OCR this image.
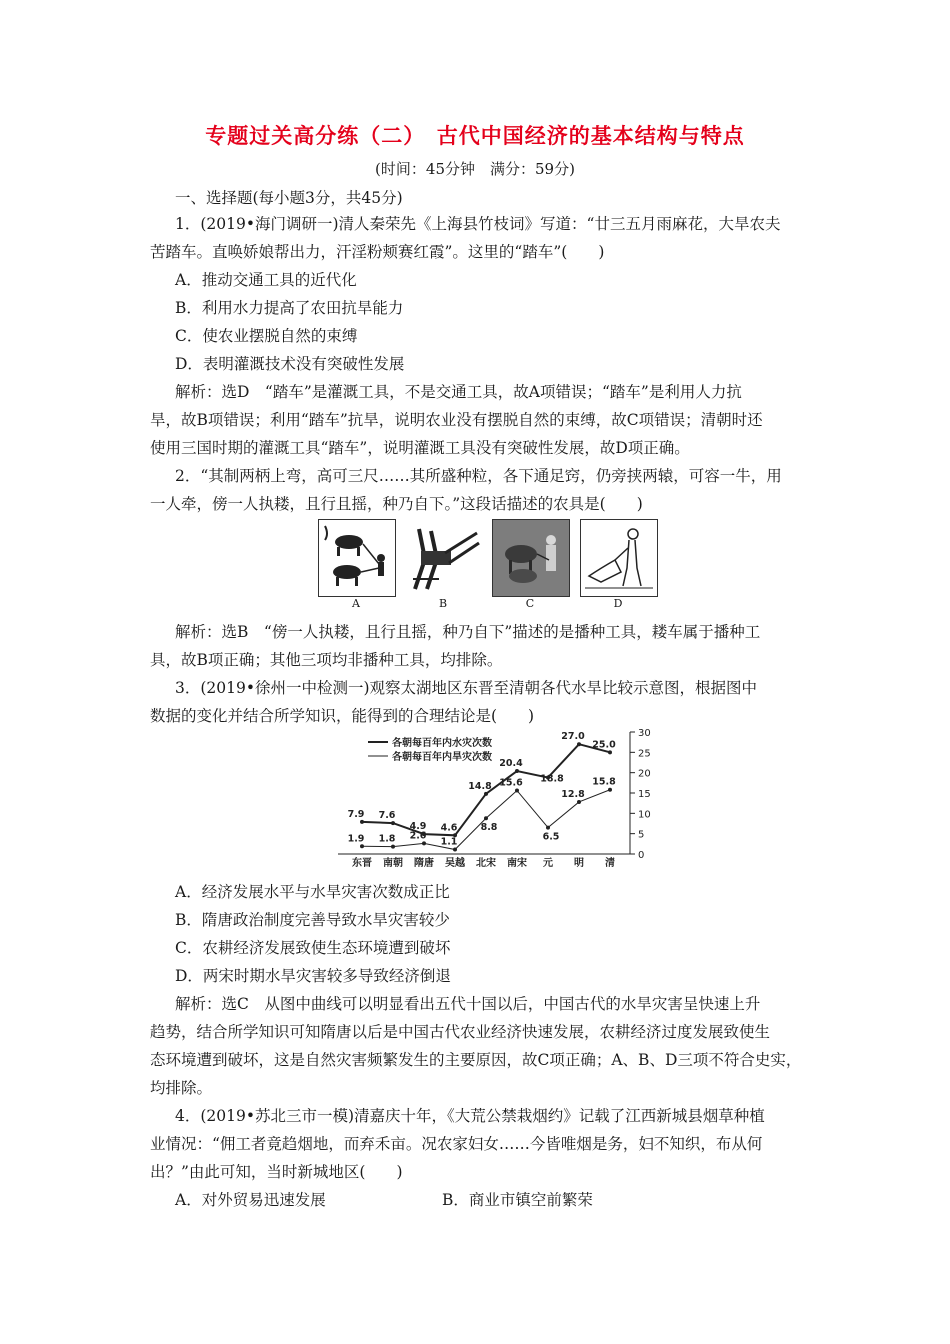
专题过关高分练（二）　古代中国经济的基本结构与特点
(时间：45分钟　满分：59分)
一、选择题(每小题3分，共45分)
1．(2019•海门调研一)清人秦荣先《上海县竹枝词》写道：“廿三五月雨麻花，大旱农夫
苦踏车。直唤娇娘帮出力，汗淫粉颊赛红霞”。这里的“踏车”(　　)
A．推动交通工具的近代化
B．利用水力提高了农田抗旱能力
C．使农业摆脱自然的束缚
D．表明灌溉技术没有突破性发展
解析：选D　“踏车”是灌溉工具，不是交通工具，故A项错误；“踏车”是利用人力抗
旱，故B项错误；利用“踏车”抗旱，说明农业没有摆脱自然的束缚，故C项错误；清朝时还
使用三国时期的灌溉工具“踏车”，说明灌溉工具没有突破性发展，故D项正确。
2．“其制两柄上弯，高可三尺……其所盛种粒，各下通足窍，仍旁挟两辕，可容一牛，用
一人牵，傍一人执耧，且行且摇，种乃自下。”这段话描述的农具是(　　)
A	B	C	D
解析：选B　“傍一人执耧，且行且摇，种乃自下”描述的是播种工具，耧车属于播种工
具，故B项正确；其他三项均非播种工具，均排除。
3．(2019•徐州一中检测一)观察太湖地区东晋至清朝各代水旱比较示意图，根据图中
数据的变化并结合所学知识，能得到的合理结论是(　　)
0
5
10
15
20
25
30
东晋 南朝 隋唐 吴越 北宋 南宋 元 明 清
7.9 7.6
4.9 4.6
14.8
20.4
18.8
27.0
25.0
1.9 1.8 2.6
1.1
8.8
15.6
6.5
12.8
15.8
各朝每百年内水灾次数
各朝每百年内旱灾次数
A．经济发展水平与水旱灾害次数成正比
B．隋唐政治制度完善导致水旱灾害较少
C．农耕经济发展致使生态环境遭到破坏
D．两宋时期水旱灾害较多导致经济倒退
解析：选C　从图中曲线可以明显看出五代十国以后，中国古代的水旱灾害呈快速上升
趋势，结合所学知识可知隋唐以后是中国古代农业经济快速发展，农耕经济过度发展致使生
态环境遭到破坏，这是自然灾害频繁发生的主要原因，故C项正确；A、B、D三项不符合史实，
均排除。
4．(2019•苏北三市一模)清嘉庆十年，《大荒公禁栽烟约》记载了江西新城县烟草种植
业情况：“佣工者竟趋烟地，而弃禾亩。况农家妇女……今皆唯烟是务，妇不知织，布从何
出？”由此可知，当时新城地区(　　)
A．对外贸易迅速发展	B．商业市镇空前繁荣
